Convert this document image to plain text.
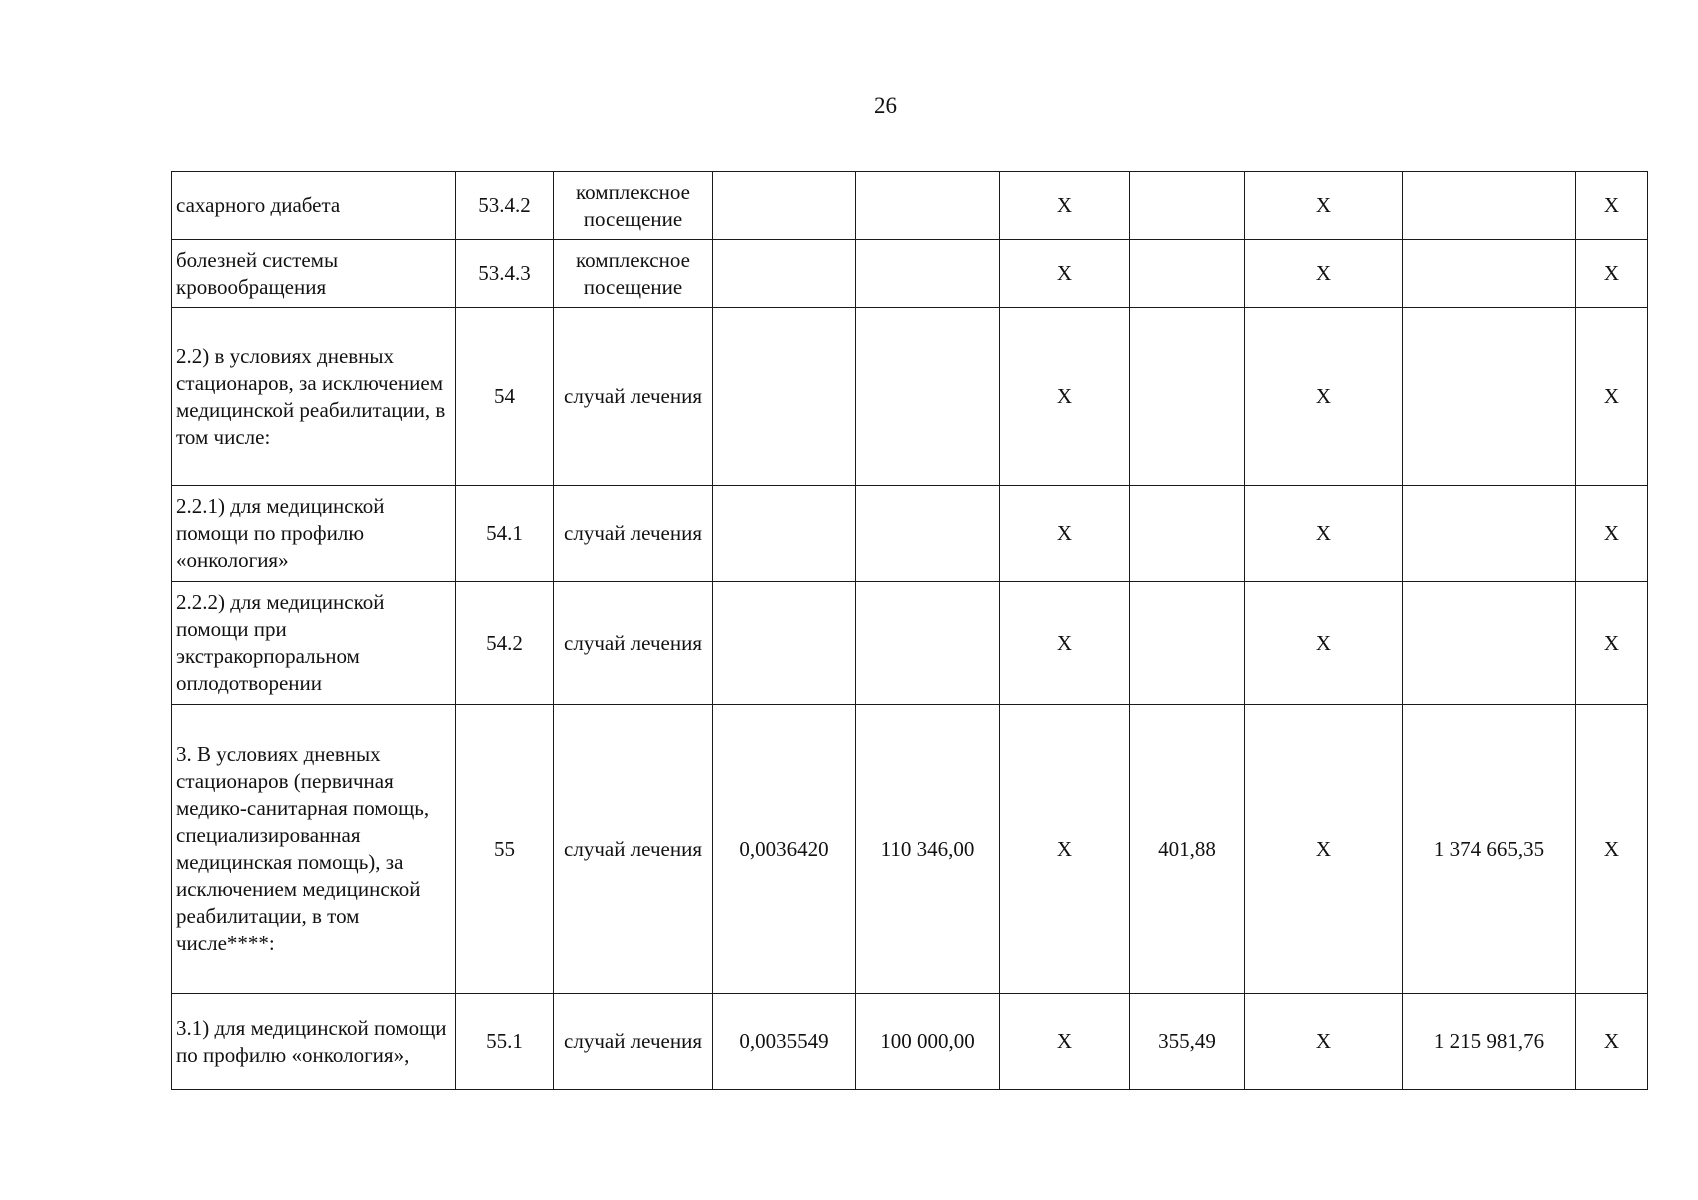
26
сахарного диабета	53.4.2	комплексное посещение			X		X		X
болезней системы кровообращения	53.4.3	комплексное посещение			X		X		X
2.2) в условиях дневных стационаров, за исключением медицинской реабилитации, в том числе:	54	случай лечения			X		X		X
2.2.1) для медицинской помощи по профилю «онкология»	54.1	случай лечения			X		X		X
2.2.2) для медицинской помощи при экстракорпоральном оплодотворении	54.2	случай лечения			X		X		X
3. В условиях дневных стационаров (первичная медико-санитарная помощь, специализированная медицинская помощь), за исключением медицинской реабилитации, в том числе****:	55	случай лечения	0,0036420	110 346,00	X	401,88	X	1 374 665,35	X
3.1) для медицинской помощи по профилю «онкология»,	55.1	случай лечения	0,0035549	100 000,00	X	355,49	X	1 215 981,76	X
